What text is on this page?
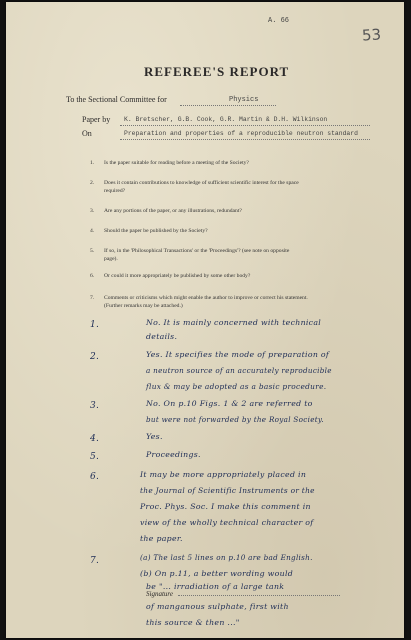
53
A. 66
REFEREE'S REPORT
To the Sectional Committee for	Physics
Paper by K. Bretscher, G.B. Cook, G.R. Martin & D.H. Wilkinson
On	Preparation and properties of a reproducible neutron standard
1. Is the paper suitable for reading before a meeting of the Society?
2. Does it contain contributions to knowledge of sufficient scientific interest for the space
required?
3. Are any portions of the paper, or any illustrations, redundant?
4. Should the paper be published by the Society?
5. If so, in the 'Philosophical Transactions' or the 'Proceedings'? (see note on opposite
page).
6. Or could it more appropriately be published by some other body?
7. Comments or criticisms which might enable the author to improve or correct his statement.
(Further remarks may be attached.)
1.	No. It is mainly concerned with technical
details.
2.	Yes. It specifies the mode of preparation of
a neutron source of an accurately reproducible
flux & may be adopted as a basic procedure.
3.	No. On p.10 Figs. 1 & 2 are referred to
but were not forwarded by the Royal Society.
4.	Yes.
5.	Proceedings.
6.	It may be more appropriately placed in
the Journal of Scientific Instruments or the
Proc. Phys. Soc. I make this comment in
view of the wholly technical character of
the paper.
7.	(a) The last 5 lines on p.10 are bad English.
(b) On p.11, a better wording would
be "... irradiation of a large tank
Signature
of manganous sulphate, first with
this source & then ..."
